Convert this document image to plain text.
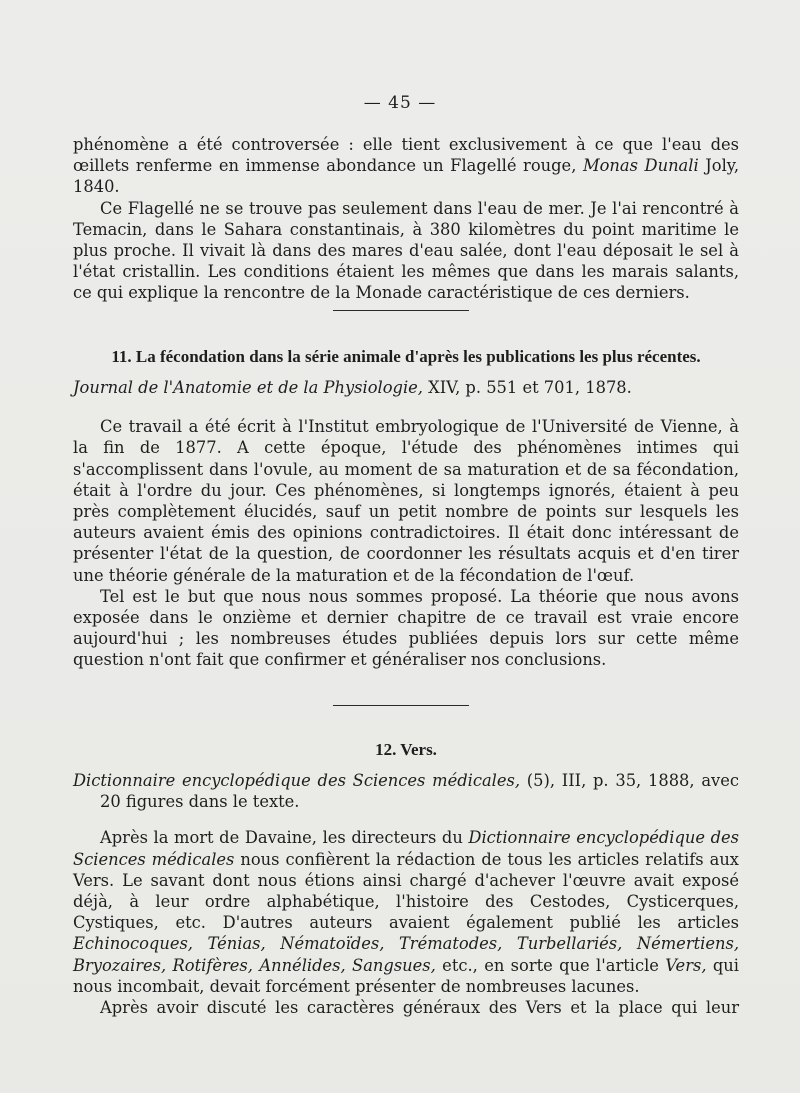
— 45 —

phénomène a été controversée : elle tient exclusivement à ce que l'eau des œillets renferme en immense abondance un Flagellé rouge, Monas Dunali Joly, 1840.

Ce Flagellé ne se trouve pas seulement dans l'eau de mer. Je l'ai rencontré à Temacin, dans le Sahara constantinais, à 380 kilomètres du point maritime le plus proche. Il vivait là dans des mares d'eau salée, dont l'eau déposait le sel à l'état cristallin. Les conditions étaient les mêmes que dans les marais salants, ce qui explique la rencontre de la Monade caractéristique de ces derniers.

11. La fécondation dans la série animale d'après les publications les plus récentes.

Journal de l'Anatomie et de la Physiologie, XIV, p. 551 et 701, 1878.

Ce travail a été écrit à l'Institut embryologique de l'Université de Vienne, à la fin de 1877. A cette époque, l'étude des phénomènes intimes qui s'accomplissent dans l'ovule, au moment de sa maturation et de sa fécondation, était à l'ordre du jour. Ces phénomènes, si longtemps ignorés, étaient à peu près complètement élucidés, sauf un petit nombre de points sur lesquels les auteurs avaient émis des opinions contradictoires. Il était donc intéressant de présenter l'état de la question, de coordonner les résultats acquis et d'en tirer une théorie générale de la maturation et de la fécondation de l'œuf.

Tel est le but que nous nous sommes proposé. La théorie que nous avons exposée dans le onzième et dernier chapitre de ce travail est vraie encore aujourd'hui ; les nombreuses études publiées depuis lors sur cette même question n'ont fait que confirmer et généraliser nos conclusions.

12. Vers.

Dictionnaire encyclopédique des Sciences médicales, (5), III, p. 35, 1888, avec 20 figures dans le texte.

Après la mort de Davaine, les directeurs du Dictionnaire encyclopédique des Sciences médicales nous confièrent la rédaction de tous les articles relatifs aux Vers. Le savant dont nous étions ainsi chargé d'achever l'œuvre avait exposé déjà, à leur ordre alphabétique, l'histoire des Cestodes, Cysticerques, Cystiques, etc. D'autres auteurs avaient également publié les articles Echinocoques, Ténias, Nématoïdes, Trématodes, Turbellariés, Némertiens, Bryozaires, Rotifères, Annélides, Sangsues, etc., en sorte que l'article Vers, qui nous incombait, devait forcément présenter de nombreuses lacunes.

Après avoir discuté les caractères généraux des Vers et la place qui leur
